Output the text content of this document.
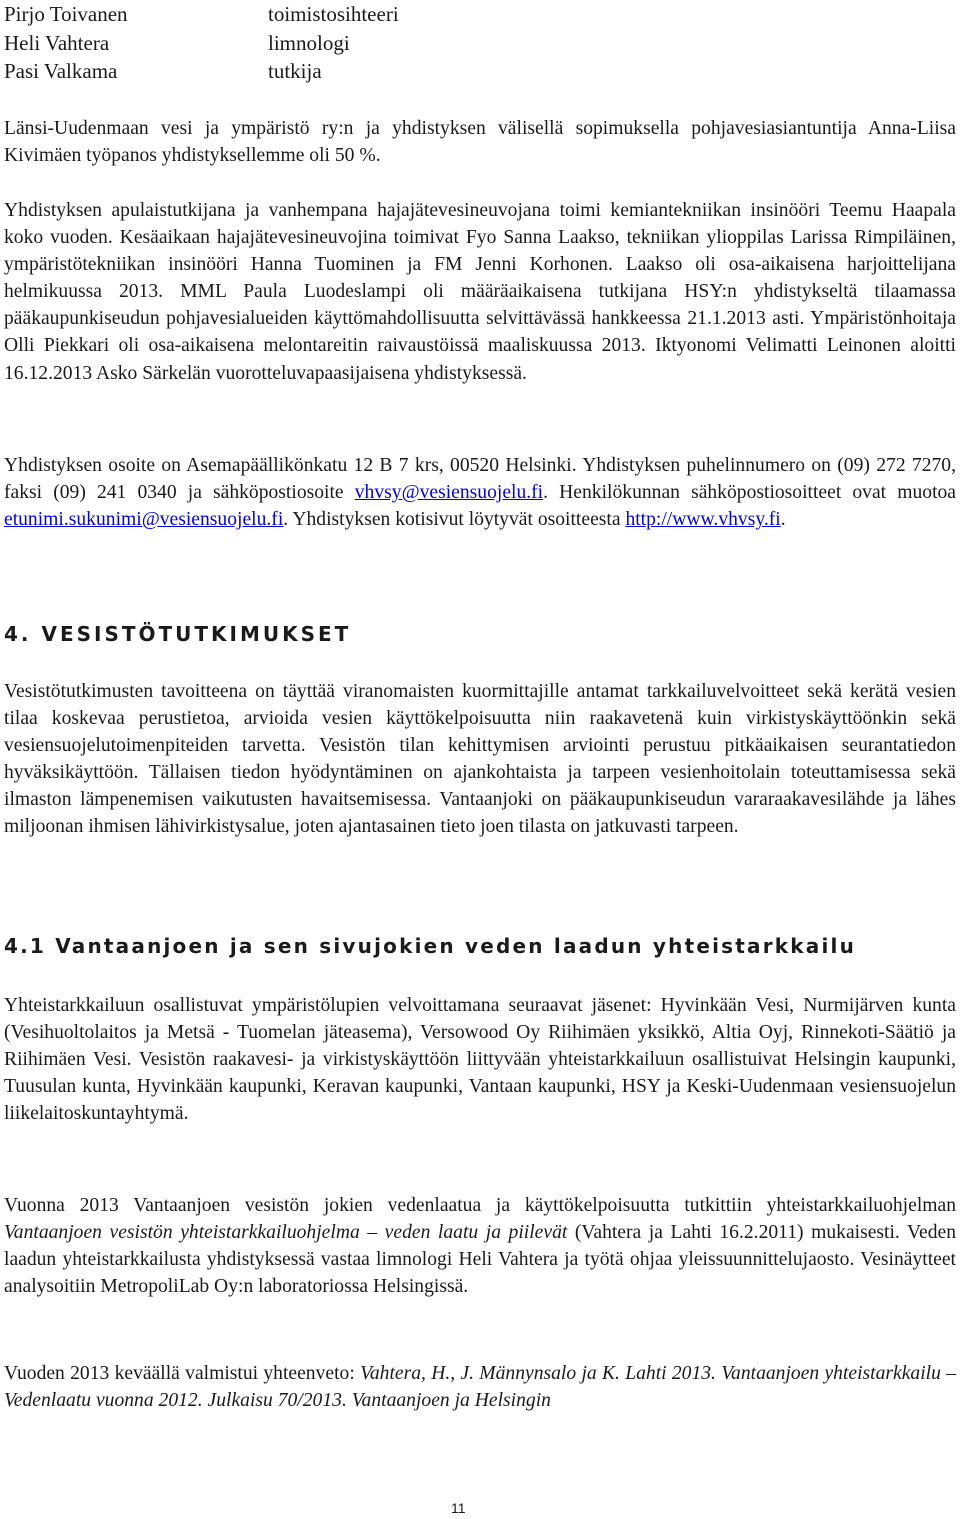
Pirjo Toivanen	toimistosihteeri
Heli Vahtera	limnologi
Pasi Valkama	tutkija

Länsi-Uudenmaan vesi ja ympäristö ry:n ja yhdistyksen välisellä sopimuksella pohjavesiasiantuntija Anna-Liisa Kivimäen työpanos yhdistyksellemme oli 50 %.

Yhdistyksen apulaistutkijana ja vanhempana hajajätevesineuvojana toimi kemiantekniikan insinööri Teemu Haapala koko vuoden. Kesäaikaan hajajätevesineuvojina toimivat Fyo Sanna Laakso, tekniikan ylioppilas Larissa Rimpiläinen, ympäristötekniikan insinööri Hanna Tuominen ja FM Jenni Korhonen. Laakso oli osa-aikaisena harjoittelijana helmikuussa 2013. MML Paula Luodeslampi oli määräaikaisena tutkijana HSY:n yhdistykseltä tilaamassa pääkaupunkiseudun pohjavesialueiden käyttömahdollisuutta selvittävässä hankkeessa 21.1.2013 asti. Ympäristönhoitaja Olli Piekkari oli osa-aikaisena melontareitin raivaustöissä maaliskuussa 2013. Iktyonomi Velimatti Leinonen aloitti 16.12.2013 Asko Särkelän vuorotteluvapaasijaisena yhdistyksessä.

Yhdistyksen osoite on Asemapäällikönkatu 12 B 7 krs, 00520 Helsinki. Yhdistyksen puhelinnumero on (09) 272 7270, faksi (09) 241 0340 ja sähköpostiosoite vhvsy@vesiensuojelu.fi. Henkilökunnan sähköpostiosoitteet ovat muotoa etunimi.sukunimi@vesiensuojelu.fi. Yhdistyksen kotisivut löytyvät osoitteesta http://www.vhvsy.fi.

4. VESISTÖTUTKIMUKSET

Vesistötutkimusten tavoitteena on täyttää viranomaisten kuormittajille antamat tarkkailuvelvoitteet sekä kerätä vesien tilaa koskevaa perustietoa, arvioida vesien käyttökelpoisuutta niin raakavetenä kuin virkistyskäyttöönkin sekä vesiensuojelutoimenpiteiden tarvetta. Vesistön tilan kehittymisen arviointi perustuu pitkäaikaisen seurantatiedon hyväksikäyttöön. Tällaisen tiedon hyödyntäminen on ajankohtaista ja tarpeen vesienhoitolain toteuttamisessa sekä ilmaston lämpenemisen vaikutusten havaitsemisessa. Vantaanjoki on pääkaupunkiseudun vararaakavesilähde ja lähes miljoonan ihmisen lähivirkistysalue, joten ajantasainen tieto joen tilasta on jatkuvasti tarpeen.

4.1 Vantaanjoen ja sen sivujokien veden laadun yhteistarkkailu

Yhteistarkkailuun osallistuvat ympäristölupien velvoittamana seuraavat jäsenet: Hyvinkään Vesi, Nurmijärven kunta (Vesihuoltolaitos ja Metsä - Tuomelan jäteasema), Versowood Oy Riihimäen yksikkö, Altia Oyj, Rinnekoti-Säätiö ja Riihimäen Vesi. Vesistön raakavesi- ja virkistyskäyttöön liittyvään yhteistarkkailuun osallistuivat Helsingin kaupunki, Tuusulan kunta, Hyvinkään kaupunki, Keravan kaupunki, Vantaan kaupunki, HSY ja Keski-Uudenmaan vesiensuojelun liikelaitoskuntayhtymä.

Vuonna 2013 Vantaanjoen vesistön jokien vedenlaatua ja käyttökelpoisuutta tutkittiin yhteistarkkailuohjelman Vantaanjoen vesistön yhteistarkkailuohjelma – veden laatu ja piilevät (Vahtera ja Lahti 16.2.2011) mukaisesti. Veden laadun yhteistarkkailusta yhdistyksessä vastaa limnologi Heli Vahtera ja työtä ohjaa yleissuunnittelujaosto. Vesinäytteet analysoitiin MetropoliLab Oy:n laboratoriossa Helsingissä.

Vuoden 2013 keväällä valmistui yhteenveto: Vahtera, H., J. Männynsalo ja K. Lahti 2013. Vantaanjoen yhteistarkkailu – Vedenlaatu vuonna 2012. Julkaisu 70/2013. Vantaanjoen ja Helsingin

11
